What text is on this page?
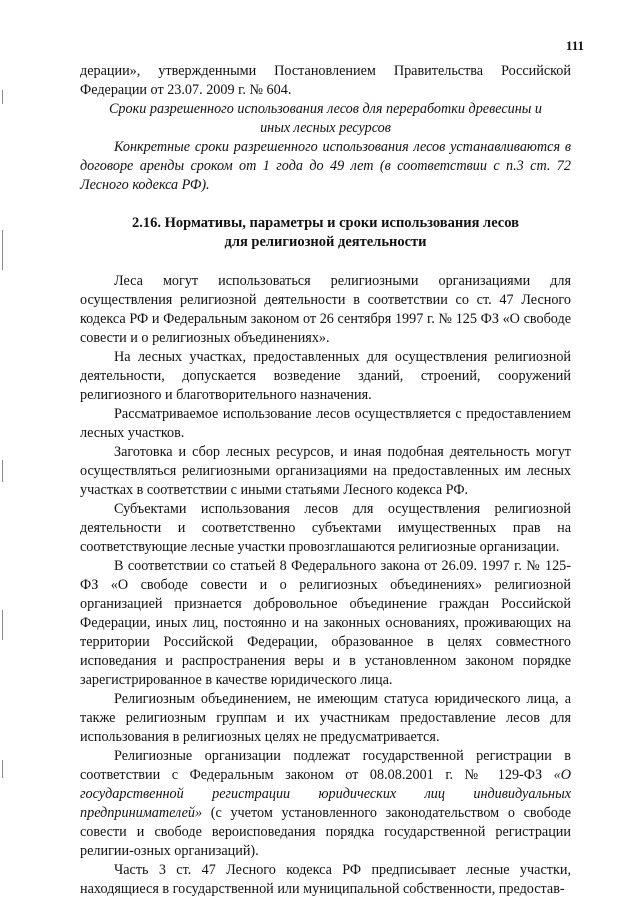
111

дерации», утвержденными Постановлением Правительства Российской Федерации от 23.07. 2009 г. № 604.

Сроки разрешенного использования лесов для переработки древесины и иных лесных ресурсов

Конкретные сроки разрешенного использования лесов устанавливаются в договоре аренды сроком от 1 года до 49 лет (в соответствии с п.3 ст. 72 Лесного кодекса РФ).

2.16. Нормативы, параметры и сроки использования лесов
для религиозной деятельности

Леса могут использоваться религиозными организациями для осуществления религиозной деятельности в соответствии со ст. 47 Лесного кодекса РФ и Федеральным законом от 26 сентября 1997 г. № 125 ФЗ «О свободе совести и о религиозных объединениях».

На лесных участках, предоставленных для осуществления религиозной деятельности, допускается возведение зданий, строений, сооружений религиозного и благотворительного назначения.

Рассматриваемое использование лесов осуществляется с предоставлением лесных участков.

Заготовка и сбор лесных ресурсов, и иная подобная деятельность могут осуществляться религиозными организациями на предоставленных им лесных участках в соответствии с иными статьями Лесного кодекса РФ.

Субъектами использования лесов для осуществления религиозной деятельности и соответственно субъектами имущественных прав на соответствующие лесные участки провозглашаются религиозные организации.

В соответствии со статьей 8 Федерального закона от 26.09. 1997 г. № 125-ФЗ «О свободе совести и о религиозных объединениях» религиозной организацией признается добровольное объединение граждан Российской Федерации, иных лиц, постоянно и на законных основаниях, проживающих на территории Российской Федерации, образованное в целях совместного исповедания и распространения веры и в установленном законом порядке зарегистрированное в качестве юридического лица.

Религиозным объединением, не имеющим статуса юридического лица, а также религиозным группам и их участникам предоставление лесов для использования в религиозных целях не предусматривается.

Религиозные организации подлежат государственной регистрации в соответствии с Федеральным законом от 08.08.2001 г. № 129-ФЗ «О государственной регистрации юридических лиц индивидуальных предпринимателей» (с учетом установленного законодательством о свободе совести и свободе вероисповедания порядка государственной регистрации религии-озных организаций).

Часть 3 ст. 47 Лесного кодекса РФ предписывает лесные участки, находящиеся в государственной или муниципальной собственности, предостав-
